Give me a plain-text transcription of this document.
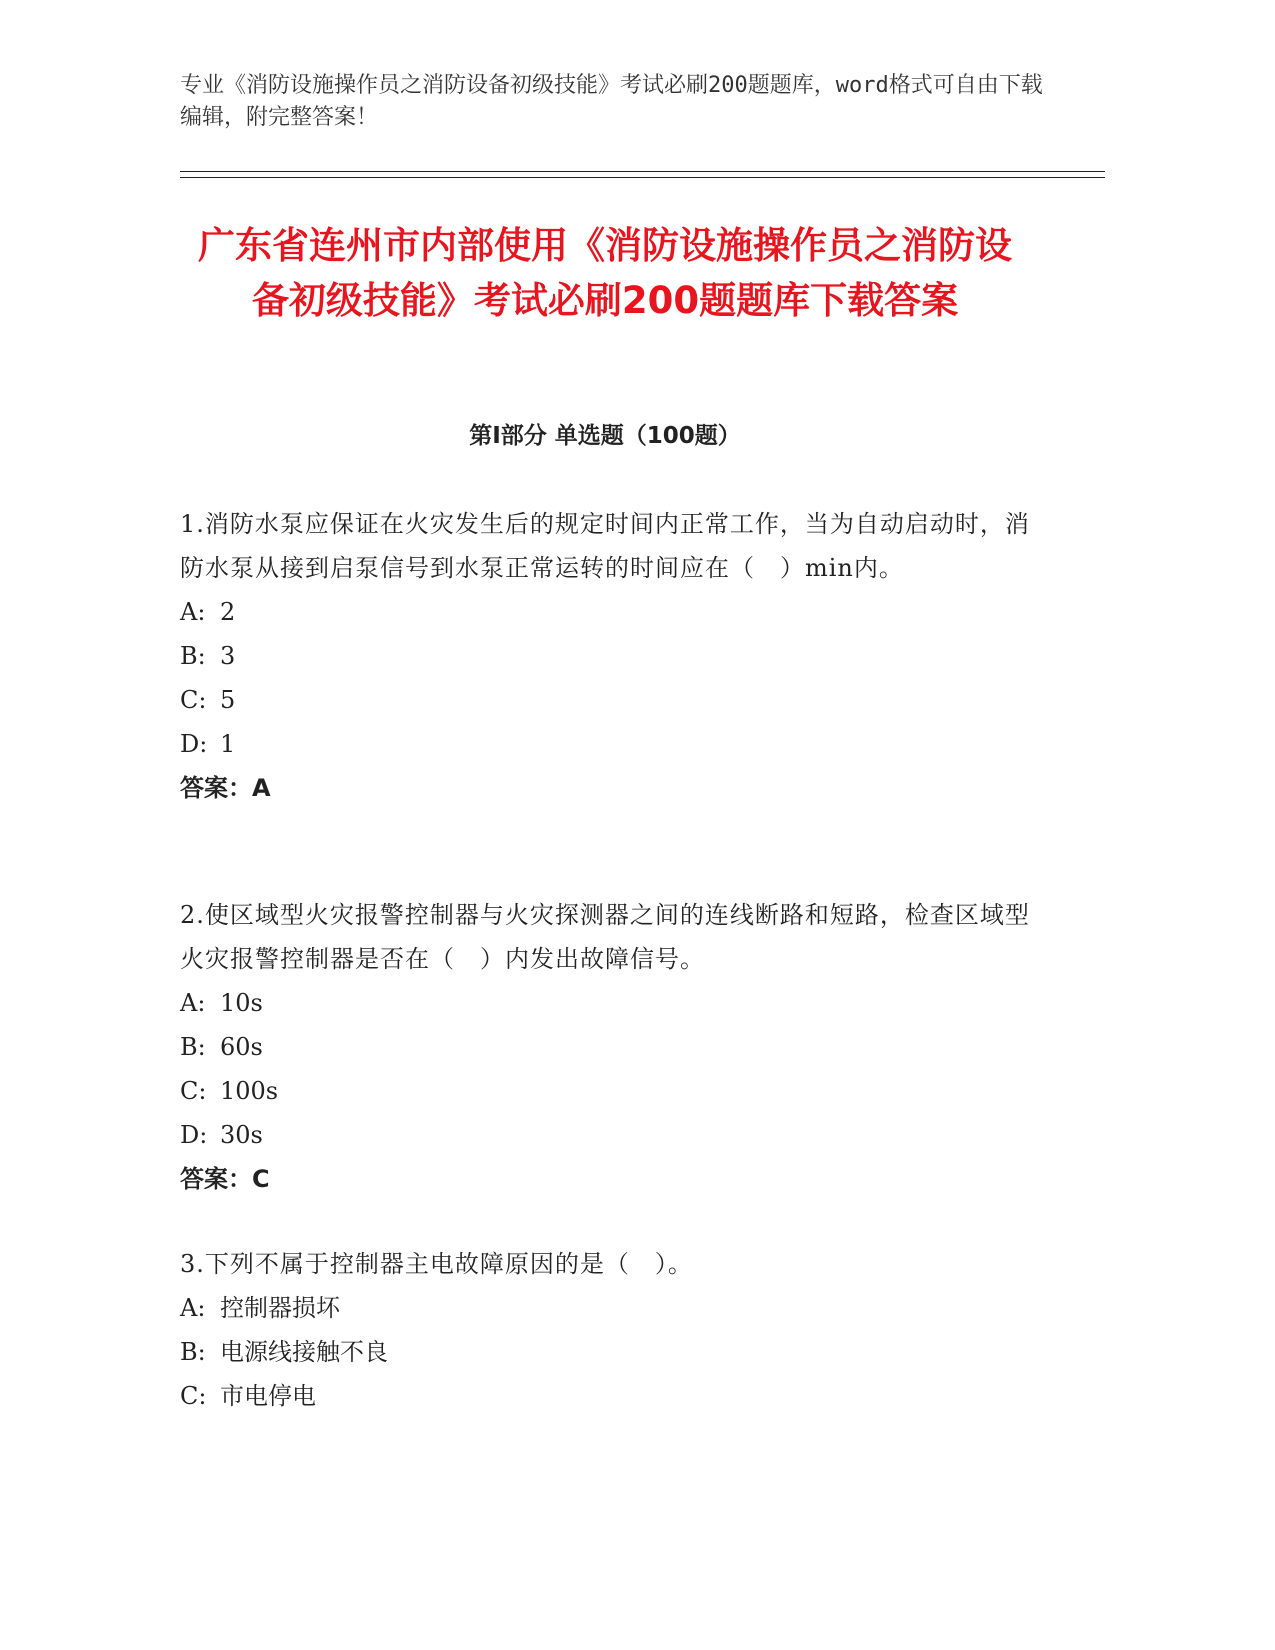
专业《消防设施操作员之消防设备初级技能》考试必刷200题题库，word格式可自由下载编辑，附完整答案！
广东省连州市内部使用《消防设施操作员之消防设备初级技能》考试必刷200题题库下载答案
第Ⅰ部分 单选题（100题）
1.消防水泵应保证在火灾发生后的规定时间内正常工作，当为自动启动时，消防水泵从接到启泵信号到水泵正常运转的时间应在（　）min内。
A: 2
B: 3
C: 5
D: 1
答案：A
2.使区域型火灾报警控制器与火灾探测器之间的连线断路和短路，检查区域型火灾报警控制器是否在（　）内发出故障信号。
A: 10s
B: 60s
C: 100s
D: 30s
答案：C
3.下列不属于控制器主电故障原因的是（　）。
A: 控制器损坏
B: 电源线接触不良
C: 市电停电
